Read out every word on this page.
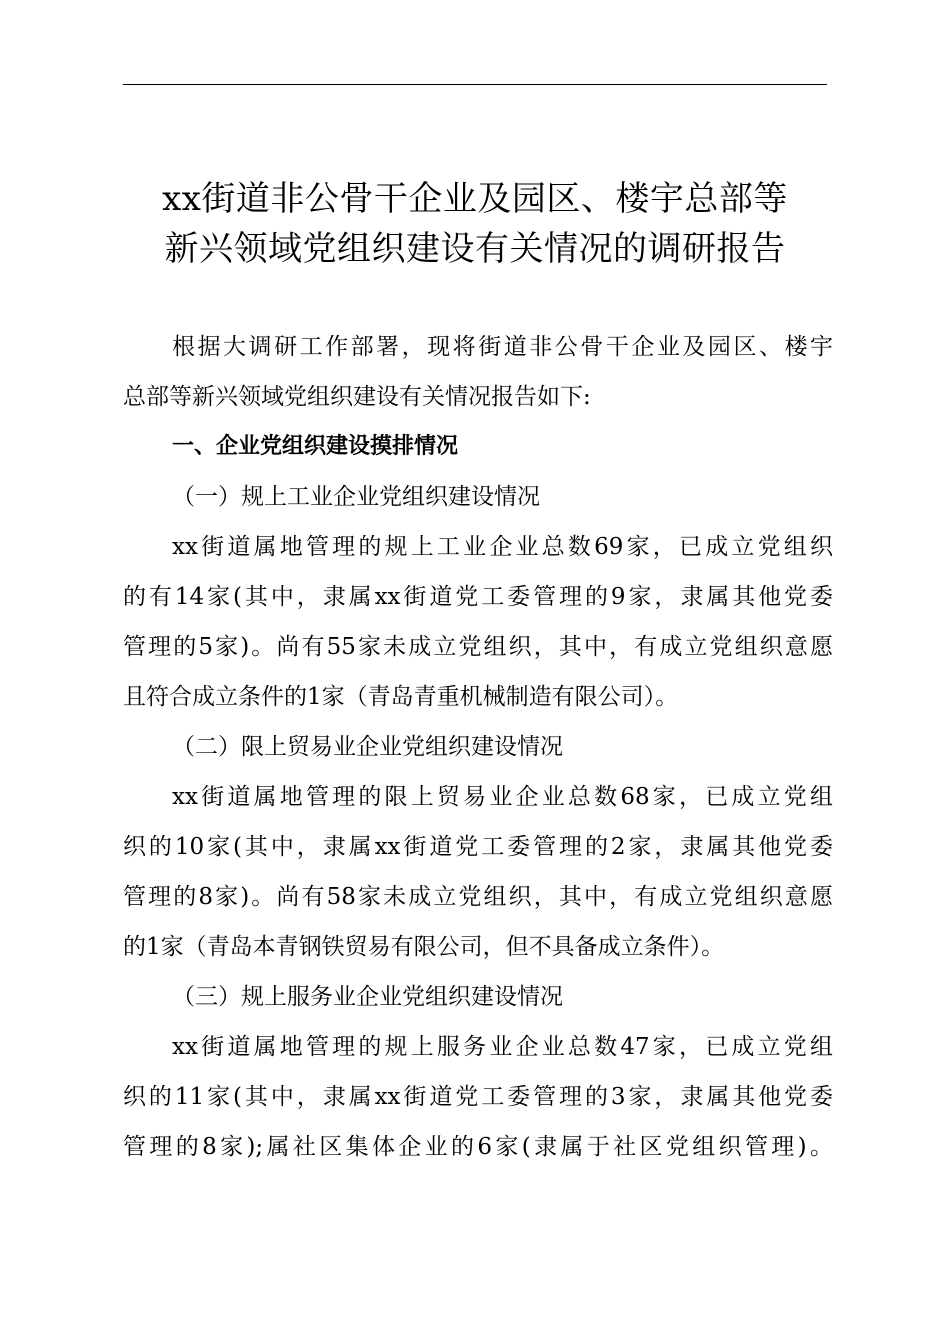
xx街道非公骨干企业及园区、楼宇总部等
新兴领域党组织建设有关情况的调研报告
根据大调研工作部署，现将街道非公骨干企业及园区、楼宇
总部等新兴领域党组织建设有关情况报告如下:
一、企业党组织建设摸排情况
（一）规上工业企业党组织建设情况
xx街道属地管理的规上工业企业总数69家，已成立党组织
的有14家(其中，隶属xx街道党工委管理的9家，隶属其他党委
管理的5家)。尚有55家未成立党组织，其中，有成立党组织意愿
且符合成立条件的1家（青岛青重机械制造有限公司）。
（二）限上贸易业企业党组织建设情况
xx街道属地管理的限上贸易业企业总数68家，已成立党组
织的10家(其中，隶属xx街道党工委管理的2家，隶属其他党委
管理的8家)。尚有58家未成立党组织，其中，有成立党组织意愿
的1家（青岛本青钢铁贸易有限公司，但不具备成立条件）。
（三）规上服务业企业党组织建设情况
xx街道属地管理的规上服务业企业总数47家，已成立党组
织的11家(其中，隶属xx街道党工委管理的3家，隶属其他党委
管理的8家);属社区集体企业的6家(隶属于社区党组织管理)。
